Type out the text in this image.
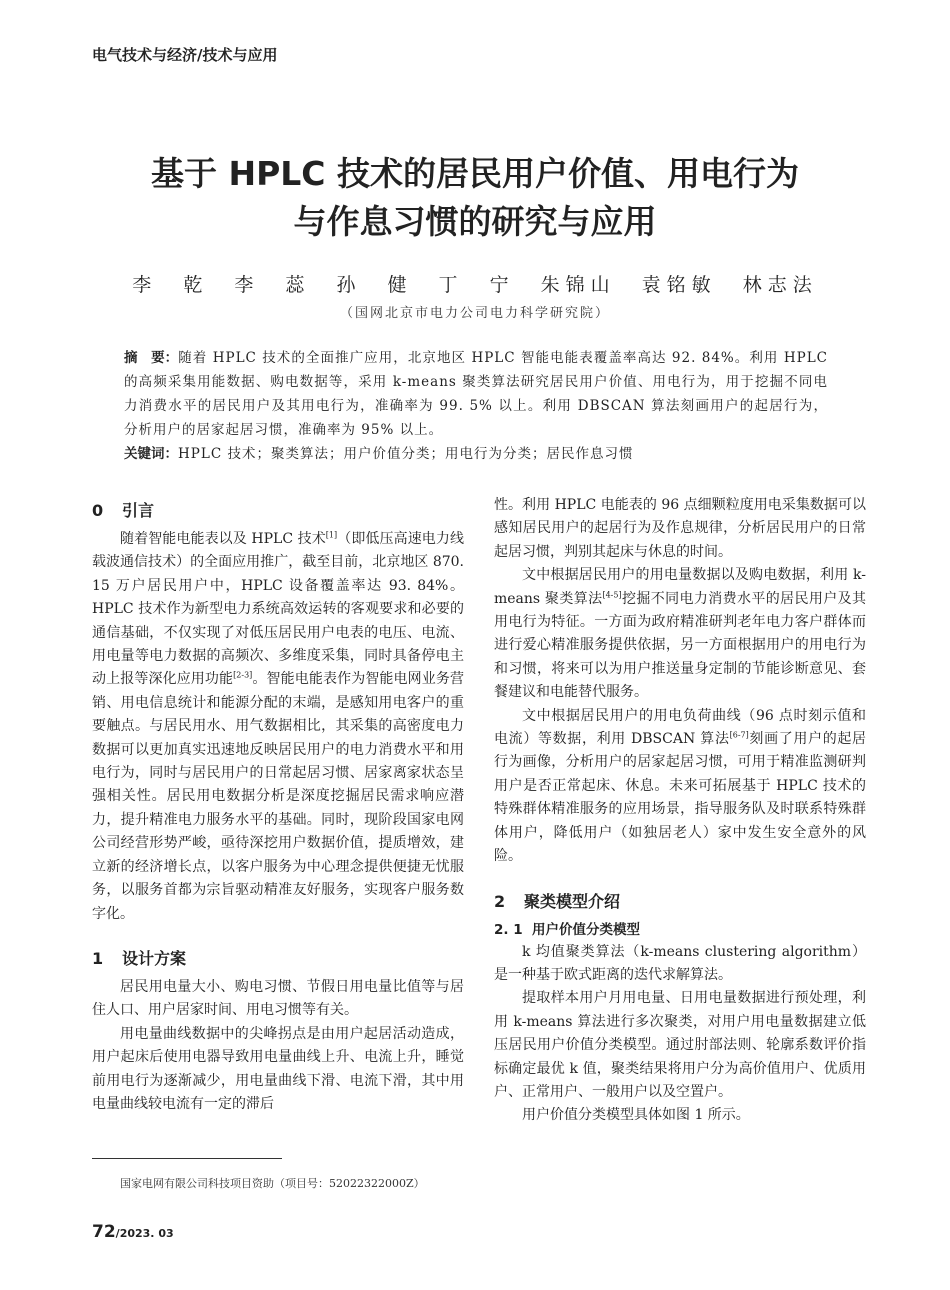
电气技术与经济/技术与应用
基于 HPLC 技术的居民用户价值、用电行为
与作息习惯的研究与应用
李 乾 李 蕊 孙 健 丁 宁 朱锦山 袁铭敏 林志法
（国网北京市电力公司电力科学研究院）
摘　要：随着 HPLC 技术的全面推广应用，北京地区 HPLC 智能电能表覆盖率高达 92. 84%。利用 HPLC 的高频采集用能数据、购电数据等，采用 k-means 聚类算法研究居民用户价值、用电行为，用于挖掘不同电力消费水平的居民用户及其用电行为，准确率为 99. 5% 以上。利用 DBSCAN 算法刻画用户的起居行为，分析用户的居家起居习惯，准确率为 95% 以上。
关键词：HPLC 技术；聚类算法；用户价值分类；用电行为分类；居民作息习惯
0 引言

随着智能电能表以及 HPLC 技术[1]（即低压高速电力线载波通信技术）的全面应用推广，截至目前，北京地区 870. 15 万户居民用户中，HPLC 设备覆盖率达 93. 84%。HPLC 技术作为新型电力系统高效运转的客观要求和必要的通信基础，不仅实现了对低压居民用户电表的电压、电流、用电量等电力数据的高频次、多维度采集，同时具备停电主动上报等深化应用功能[2-3]。智能电能表作为智能电网业务营销、用电信息统计和能源分配的末端，是感知用电客户的重要触点。与居民用水、用气数据相比，其采集的高密度电力数据可以更加真实迅速地反映居民用户的电力消费水平和用电行为，同时与居民用户的日常起居习惯、居家离家状态呈强相关性。居民用电数据分析是深度挖掘居民需求响应潜力，提升精准电力服务水平的基础。同时，现阶段国家电网公司经营形势严峻，亟待深挖用户数据价值，提质增效，建立新的经济增长点，以客户服务为中心理念提供便捷无忧服务，以服务首都为宗旨驱动精准友好服务，实现客户服务数字化。

1 设计方案

居民用电量大小、购电习惯、节假日用电量比值等与居住人口、用户居家时间、用电习惯等有关。

用电量曲线数据中的尖峰拐点是由用户起居活动造成，用户起床后使用电器导致用电量曲线上升、电流上升，睡觉前用电行为逐渐减少，用电量曲线下滑、电流下滑，其中用电量曲线较电流有一定的滞后

性。利用 HPLC 电能表的 96 点细颗粒度用电采集数据可以感知居民用户的起居行为及作息规律，分析居民用户的日常起居习惯，判别其起床与休息的时间。

文中根据居民用户的用电量数据以及购电数据，利用 k-means 聚类算法[4-5]挖掘不同电力消费水平的居民用户及其用电行为特征。一方面为政府精准研判老年电力客户群体而进行爱心精准服务提供依据，另一方面根据用户的用电行为和习惯，将来可以为用户推送量身定制的节能诊断意见、套餐建议和电能替代服务。

文中根据居民用户的用电负荷曲线（96 点时刻示值和电流）等数据，利用 DBSCAN 算法[6-7]刻画了用户的起居行为画像，分析用户的居家起居习惯，可用于精准监测研判用户是否正常起床、休息。未来可拓展基于 HPLC 技术的特殊群体精准服务的应用场景，指导服务队及时联系特殊群体用户，降低用户（如独居老人）家中发生安全意外的风险。

2 聚类模型介绍
2. 1 用户价值分类模型

k 均值聚类算法（k-means clustering algorithm）是一种基于欧式距离的迭代求解算法。

提取样本用户月用电量、日用电量数据进行预处理，利用 k-means 算法进行多次聚类，对用户用电量数据建立低压居民用户价值分类模型。通过肘部法则、轮廓系数评价指标确定最优 k 值，聚类结果将用户分为高价值用户、优质用户、正常用户、一般用户以及空置户。

用户价值分类模型具体如图 1 所示。

国家电网有限公司科技项目资助（项目号：52022322000Z）
72/2023. 03
